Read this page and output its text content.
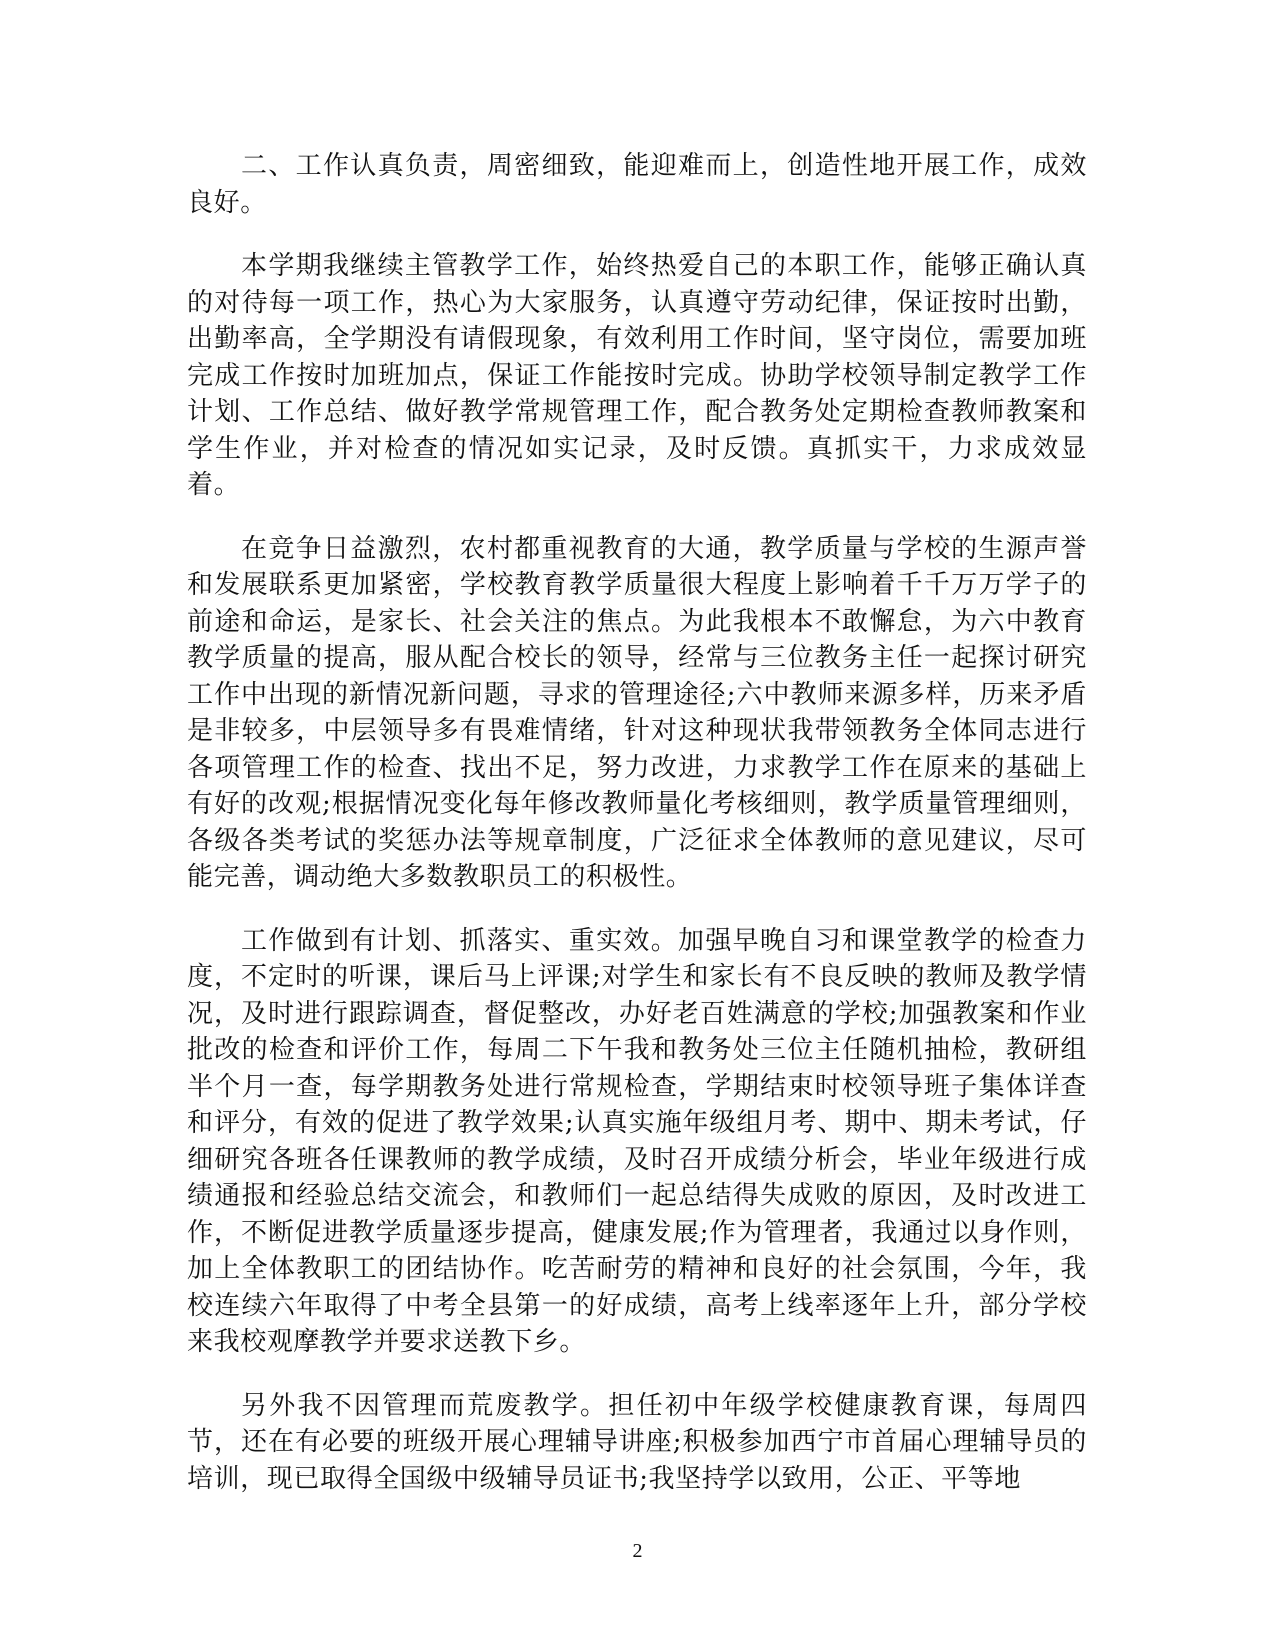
二、工作认真负责，周密细致，能迎难而上，创造性地开展工作，成效良好。

本学期我继续主管教学工作，始终热爱自己的本职工作，能够正确认真的对待每一项工作，热心为大家服务，认真遵守劳动纪律，保证按时出勤，出勤率高，全学期没有请假现象，有效利用工作时间，坚守岗位，需要加班完成工作按时加班加点，保证工作能按时完成。协助学校领导制定教学工作计划、工作总结、做好教学常规管理工作，配合教务处定期检查教师教案和学生作业，并对检查的情况如实记录，及时反馈。真抓实干，力求成效显着。

在竞争日益激烈，农村都重视教育的大通，教学质量与学校的生源声誉和发展联系更加紧密，学校教育教学质量很大程度上影响着千千万万学子的前途和命运，是家长、社会关注的焦点。为此我根本不敢懈怠，为六中教育教学质量的提高，服从配合校长的领导，经常与三位教务主任一起探讨研究工作中出现的新情况新问题，寻求的管理途径;六中教师来源多样，历来矛盾是非较多，中层领导多有畏难情绪，针对这种现状我带领教务全体同志进行各项管理工作的检查、找出不足，努力改进，力求教学工作在原来的基础上有好的改观;根据情况变化每年修改教师量化考核细则，教学质量管理细则，各级各类考试的奖惩办法等规章制度，广泛征求全体教师的意见建议，尽可能完善，调动绝大多数教职员工的积极性。

工作做到有计划、抓落实、重实效。加强早晚自习和课堂教学的检查力度，不定时的听课，课后马上评课;对学生和家长有不良反映的教师及教学情况，及时进行跟踪调查，督促整改，办好老百姓满意的学校;加强教案和作业批改的检查和评价工作，每周二下午我和教务处三位主任随机抽检，教研组半个月一查，每学期教务处进行常规检查，学期结束时校领导班子集体详查和评分，有效的促进了教学效果;认真实施年级组月考、期中、期未考试，仔细研究各班各任课教师的教学成绩，及时召开成绩分析会，毕业年级进行成绩通报和经验总结交流会，和教师们一起总结得失成败的原因，及时改进工作，不断促进教学质量逐步提高，健康发展;作为管理者，我通过以身作则，加上全体教职工的团结协作。吃苦耐劳的精神和良好的社会氛围，今年，我校连续六年取得了中考全县第一的好成绩，高考上线率逐年上升，部分学校来我校观摩教学并要求送教下乡。

另外我不因管理而荒废教学。担任初中年级学校健康教育课，每周四节，还在有必要的班级开展心理辅导讲座;积极参加西宁市首届心理辅导员的培训，现已取得全国级中级辅导员证书;我坚持学以致用，公正、平等地

2
